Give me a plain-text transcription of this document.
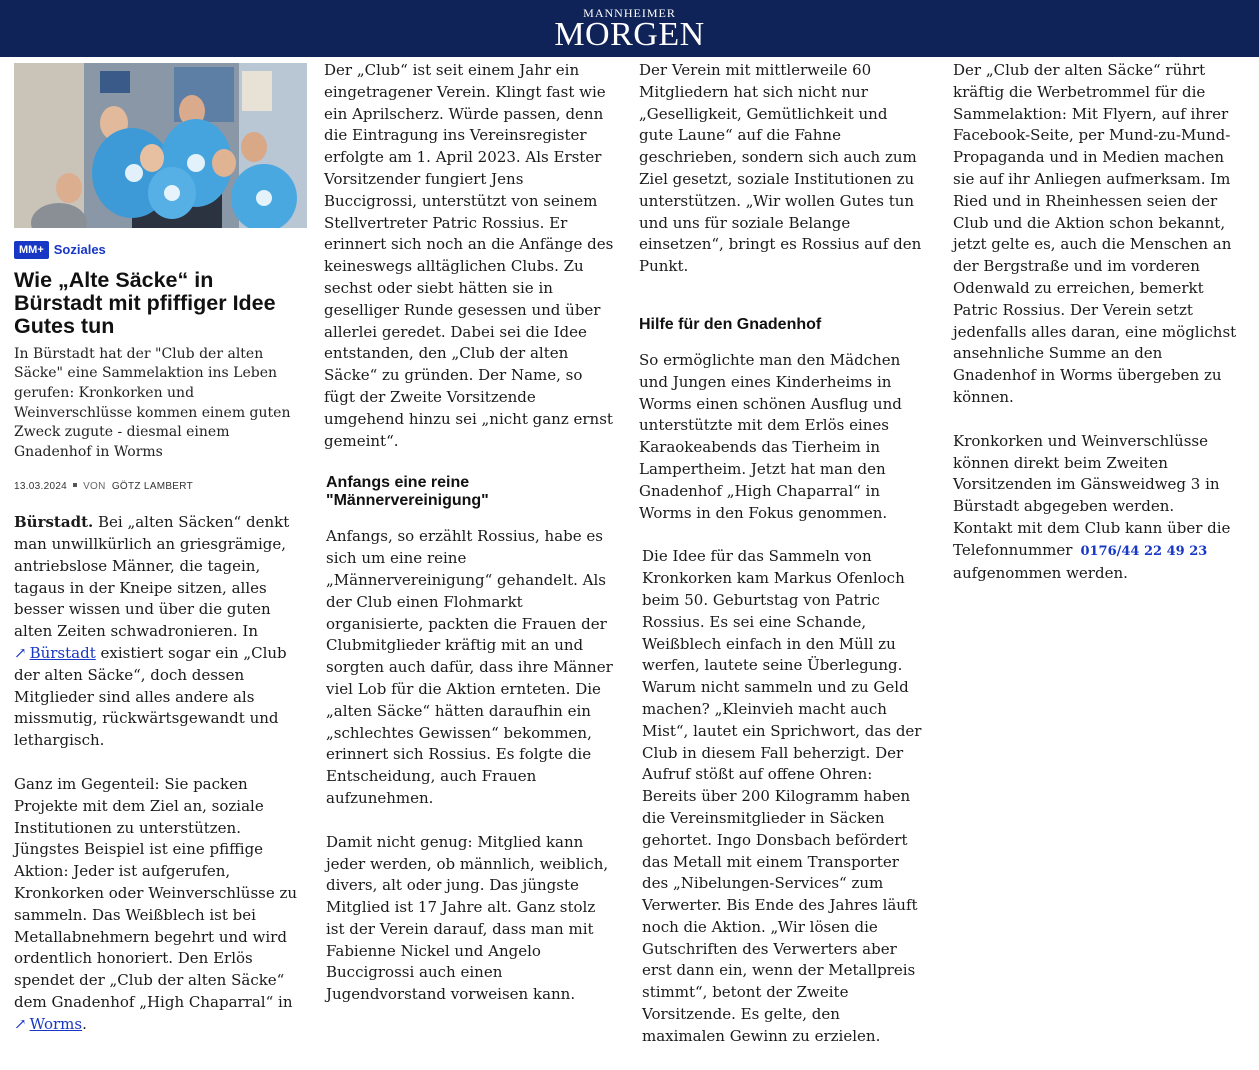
MANNHEIMER
MORGEN
MM+ Soziales
Wie „Alte Säcke“ in Bürstadt mit pfiffiger Idee Gutes tun
In Bürstadt hat der "Club der alten Säcke" eine Sammelaktion ins Leben gerufen: Kronkorken und Weinverschlüsse kommen einem guten Zweck zugute - diesmal einem Gnadenhof in Worms
13.03.2024 VON GÖTZ LAMBERT

Bürstadt. Bei „alten Säcken“ denkt man unwillkürlich an griesgrämige, antriebslose Männer, die tagein, tagaus in der Kneipe sitzen, alles besser wissen und über die guten alten Zeiten schwadronieren. In ↗ Bürstadt existiert sogar ein „Club der alten Säcke“, doch dessen Mitglieder sind alles andere als missmutig, rückwärtsgewandt und lethargisch.

Ganz im Gegenteil: Sie packen Projekte mit dem Ziel an, soziale Institutionen zu unterstützen. Jüngstes Beispiel ist eine pfiffige Aktion: Jeder ist aufgerufen, Kronkorken oder Weinverschlüsse zu sammeln. Das Weißblech ist bei Metallabnehmern begehrt und wird ordentlich honoriert. Den Erlös spendet der „Club der alten Säcke“ dem Gnadenhof „High Chaparral“ in ↗ Worms.

Der „Club“ ist seit einem Jahr ein eingetragener Verein. Klingt fast wie ein Aprilscherz. Würde passen, denn die Eintragung ins Vereinsregister erfolgte am 1. April 2023. Als Erster Vorsitzender fungiert Jens Buccigrossi, unterstützt von seinem Stellvertreter Patric Rossius. Er erinnert sich noch an die Anfänge des keineswegs alltäglichen Clubs. Zu sechst oder siebt hätten sie in geselliger Runde gesessen und über allerlei geredet. Dabei sei die Idee entstanden, den „Club der alten Säcke“ zu gründen. Der Name, so fügt der Zweite Vorsitzende umgehend hinzu sei „nicht ganz ernst gemeint“.

Anfangs eine reine "Männervereinigung"

Anfangs, so erzählt Rossius, habe es sich um eine reine „Männervereinigung“ gehandelt. Als der Club einen Flohmarkt organisierte, packten die Frauen der Clubmitglieder kräftig mit an und sorgten auch dafür, dass ihre Männer viel Lob für die Aktion ernteten. Die „alten Säcke“ hätten daraufhin ein „schlechtes Gewissen“ bekommen, erinnert sich Rossius. Es folgte die Entscheidung, auch Frauen aufzunehmen.

Damit nicht genug: Mitglied kann jeder werden, ob männlich, weiblich, divers, alt oder jung. Das jüngste Mitglied ist 17 Jahre alt. Ganz stolz ist der Verein darauf, dass man mit Fabienne Nickel und Angelo Buccigrossi auch einen Jugendvorstand vorweisen kann.

Der Verein mit mittlerweile 60 Mitgliedern hat sich nicht nur „Geselligkeit, Gemütlichkeit und gute Laune“ auf die Fahne geschrieben, sondern sich auch zum Ziel gesetzt, soziale Institutionen zu unterstützen. „Wir wollen Gutes tun und uns für soziale Belange einsetzen“, bringt es Rossius auf den Punkt.

Hilfe für den Gnadenhof

So ermöglichte man den Mädchen und Jungen eines Kinderheims in Worms einen schönen Ausflug und unterstützte mit dem Erlös eines Karaokeabends das Tierheim in Lampertheim. Jetzt hat man den Gnadenhof „High Chaparral“ in Worms in den Fokus genommen.

Die Idee für das Sammeln von Kronkorken kam Markus Ofenloch beim 50. Geburtstag von Patric Rossius. Es sei eine Schande, Weißblech einfach in den Müll zu werfen, lautete seine Überlegung. Warum nicht sammeln und zu Geld machen? „Kleinvieh macht auch Mist“, lautet ein Sprichwort, das der Club in diesem Fall beherzigt. Der Aufruf stößt auf offene Ohren: Bereits über 200 Kilogramm haben die Vereinsmitglieder in Säcken gehortet. Ingo Donsbach befördert das Metall mit einem Transporter des „Nibelungen-Services“ zum Verwerter. Bis Ende des Jahres läuft noch die Aktion. „Wir lösen die Gutschriften des Verwerters aber erst dann ein, wenn der Metallpreis stimmt“, betont der Zweite Vorsitzende. Es gelte, den maximalen Gewinn zu erzielen.

Der „Club der alten Säcke“ rührt kräftig die Werbetrommel für die Sammelaktion: Mit Flyern, auf ihrer Facebook-Seite, per Mund-zu-Mund-Propaganda und in Medien machen sie auf ihr Anliegen aufmerksam. Im Ried und in Rheinhessen seien der Club und die Aktion schon bekannt, jetzt gelte es, auch die Menschen an der Bergstraße und im vorderen Odenwald zu erreichen, bemerkt Patric Rossius. Der Verein setzt jedenfalls alles daran, eine möglichst ansehnliche Summe an den Gnadenhof in Worms übergeben zu können.

Kronkorken und Weinverschlüsse können direkt beim Zweiten Vorsitzenden im Gänsweidweg 3 in Bürstadt abgegeben werden. Kontakt mit dem Club kann über die Telefonnummer 0176/44 22 49 23 aufgenommen werden.
